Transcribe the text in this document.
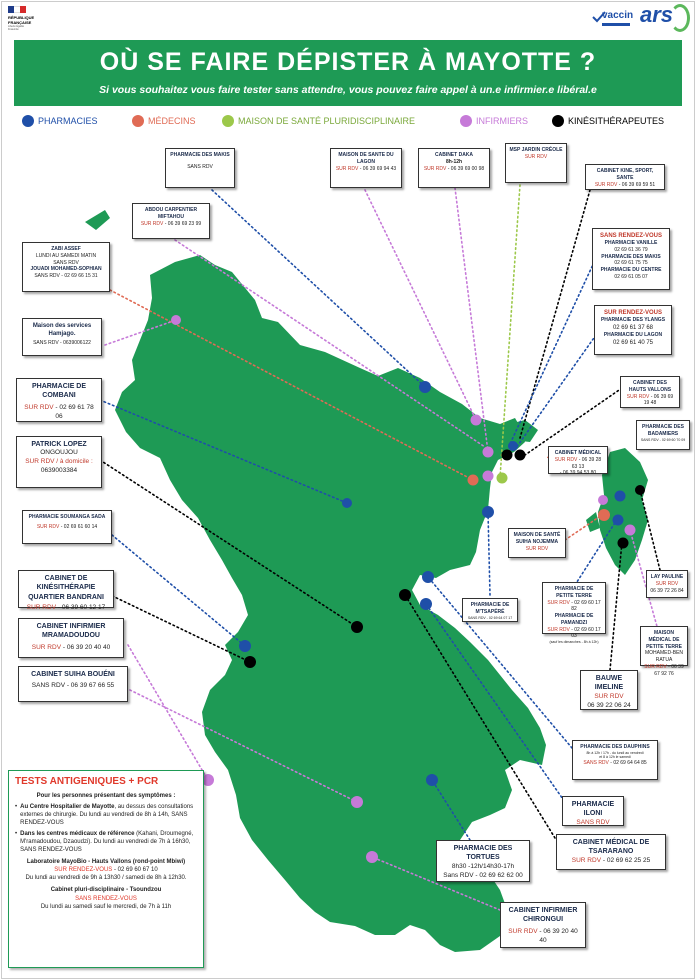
RÉPUBLIQUE
FRANÇAISE
Liberté Égalité Fraternité
vaccin ars
OÙ SE FAIRE DÉPISTER À MAYOTTE ?
Si vous souhaitez vous faire tester sans attendre, vous pouvez faire appel à un.e infirmier.e libéral.e
PHARMACIES	MÉDECINS	MAISON DE SANTÉ PLURIDISCIPLINAIRE	INFIRMIERS	KINÉSITHÉRAPEUTES
PHARMACIE DES MAKIS
SANS RDV
MAISON DE SANTE DU LAGON
SUR RDV - 06 39 69 94 43
CABINET DAKA
8h-12h
SUR RDV - 06 39 69 00 98
MSP JARDIN CRÉOLE
SUR RDV
ABDOU CARPENTIER MIFTAHOU
SUR RDV - 06 39 69 23 99
CABINET KINE, SPORT, SANTE
SUR RDV - 06 39 69 59 51
ZABI ASSEF
LUNDI AU SAMEDI MATIN
SANS RDV
JOUADI MOHAMED-SOPHIAN
SANS RDV - 02 69 66 15 31
SANS RENDEZ-VOUS
PHARMACIE VANILLE
02 69 61 36 79
PHARMACIE DES MAKIS
02 69 61 75 75
PHARMACIE DU CENTRE
02 69 61 05 07
Maison des services Hamjago.
SANS RDV - 0639006122
SUR RENDEZ-VOUS
PHARMACIE DES YLANGS
02 69 61 37 68
PHARMACIE DU LAGON
02 69 61 40 75
PHARMACIE DE COMBANI
SUR RDV - 02 69 61 78 06
CABINET DES HAUTS VALLONS
SUR RDV - 06 39 69 19 48
PHARMACIE DES BADAMIERS
SANS RDV - 02 69 60 70 09
PATRICK LOPEZ
ONGOUJOU
SUR RDV / à domicile :
0639003384
CABINET MÉDICAL
SUR RDV - 06 39 28 63 13
- 06 39 94 53 80
PHARMACIE SOUMANGA SADA
SUR RDV - 02 69 61 60 14
MAISON DE SANTÉ SUIHA NOJEMMA
SUR RDV
CABINET DE KINÉSITHÉRAPIE QUARTIER BANDRANI
SUR RDV - 06 39 60 12 17	PHARMACIE DE M'TSAPÉRÉ
SANS RDV - 02 69 64 07 17
PHARMACIE DE PETITE TERRE
SUR RDV - 02 69 60 17 82
PHARMACIE DE PAMANDZI
SUR RDV - 02 69 60 17 03
(sauf les dimanches - 8h à 12h)
LAY PAULINE
SUR RDV
06 39 72 26 84
CABINET INFIRMIER MRAMADOUDOU
SUR RDV - 06 39 20 40 40
MAISON MÉDICAL DE PETITE TERRE
MOHAMED-BEN RATUA
SUR RDV - 06 39 67 92 76
CABINET SUIHA BOUÉNI
SANS RDV - 06 39 67 66 55
BAUWE IMELINE
SUR RDV
06 39 22 06 24
PHARMACIE DES DAUPHINS
8h à 12h / 17h - du lundi au vendredi
et 8 à 12h le samedi
SANS RDV - 02 69 64 64 85
PHARMACIE ILONI
SANS RDV
PHARMACIE DES TORTUES
8h30 -12h/14h30-17h
Sans RDV - 02 69 62 62 00
CABINET MÉDICAL DE TSARARANO
SUR RDV - 02 69 62 25 25
CABINET INFIRMIER CHIRONGUI
SUR RDV - 06 39 20 40 40
TESTS ANTIGENIQUES + PCR
Pour les personnes présentant des symptômes :
• Au Centre Hospitalier de Mayotte, au dessus des consultations externes de chirurgie. Du lundi au vendredi de 8h à 14h, SANS RENDEZ-VOUS
• Dans les centres médicaux de référence (Kahani, Droumegné, M'ramadoudou, Dzaoudzi). Du lundi au vendredi de 7h à 16h30, SANS RENDEZ-VOUS
Laboratoire MayoBio - Hauts Vallons (rond-point Mbiwi)
SUR RENDEZ-VOUS - 02 69 60 67 10
Du lundi au vendredi de 9h à 13h30 / samedi de 8h à 12h30.
Cabinet pluri-disciplinaire - Tsoundzou
SANS RENDEZ-VOUS
Du lundi au samedi sauf le mercredi, de 7h à 11h
